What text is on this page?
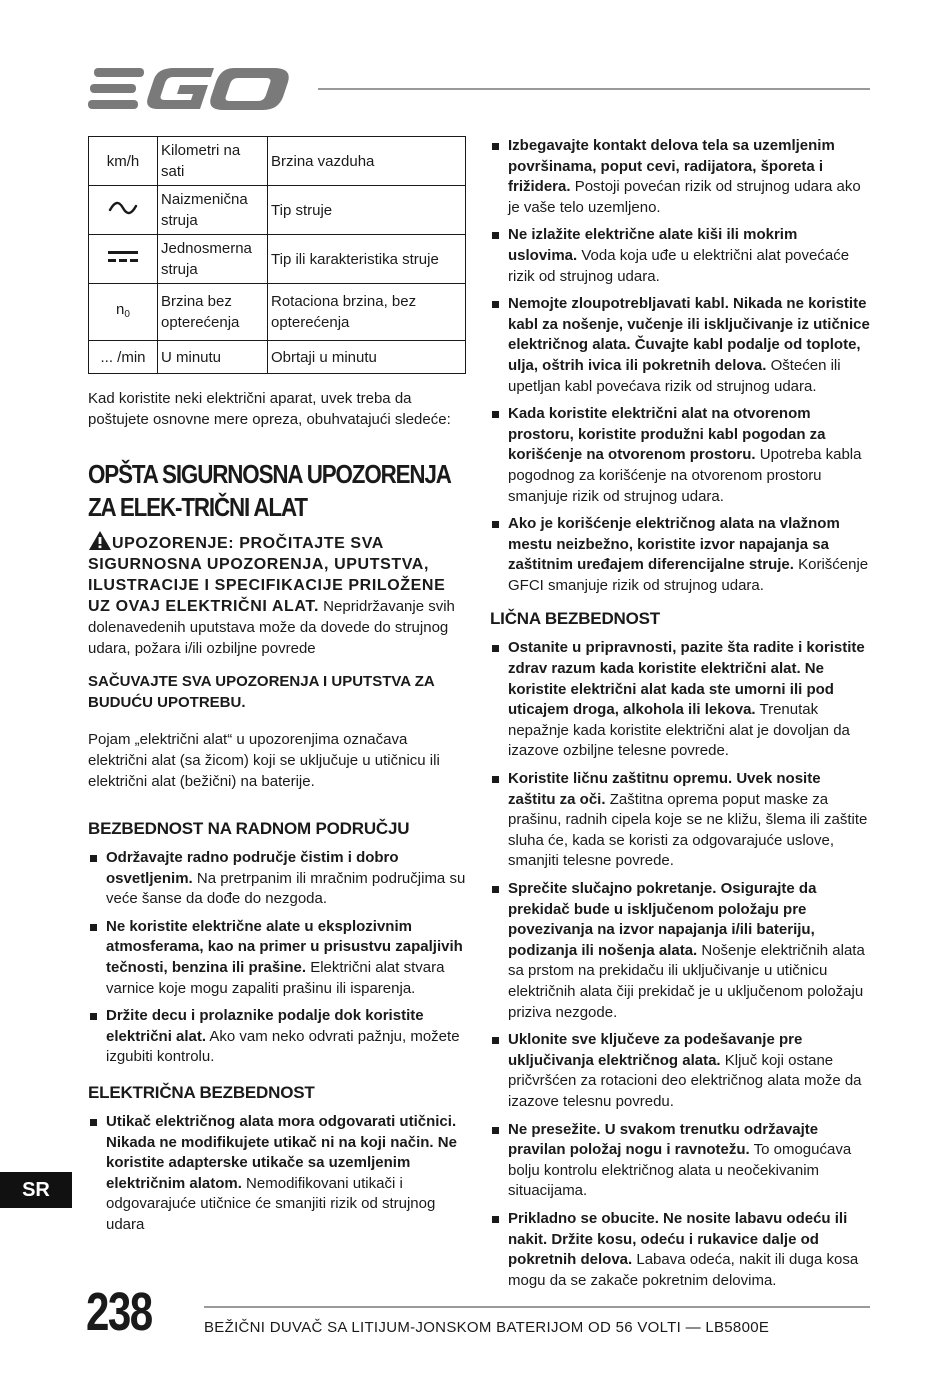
km/h	Kilometri na sati	Brzina vazduha
	Naizmenična struja	Tip struje
	Jednosmerna struja	Tip ili karakteristika struje
$n_0$	Brzina bez opterećenja	Rotaciona brzina, bez opterećenja
... /min	U minutu	Obrtaji u minutu

Kad koristite neki električni aparat, uvek treba da poštujete osnovne mere opreza, obuhvatajući sledeće:

OPŠTA SIGURNOSNA UPOZORENJA ZA ELEK-TRIČNI ALAT

UPOZORENJE: PROČITAJTE SVA SIGURNOSNA UPOZORENJA, UPUTSTVA, ILUSTRACIJE I SPECIFIKACIJE PRILOŽENE UZ OVAJ ELEKTRIČNI ALAT. Nepridržavanje svih dolenavedenih uputstava može da dovede do strujnog udara, požara i/ili ozbiljne povrede

SAČUVAJTE SVA UPOZORENJA I UPUTSTVA ZA BUDUĆU UPOTREBU.

Pojam „električni alat“ u upozorenjima označava električni alat (sa žicom) koji se uključuje u utičnicu ili električni alat (bežični) na baterije.

BEZBEDNOST NA RADNOM PODRUČJU
Održavajte radno područje čistim i dobro osvetljenim. Na pretrpanim ili mračnim područjima su veće šanse da dođe do nezgoda.
Ne koristite električne alate u eksplozivnim atmosferama, kao na primer u prisustvu zapaljivih tečnosti, benzina ili prašine. Električni alat stvara varnice koje mogu zapaliti prašinu ili isparenja.
Držite decu i prolaznike podalje dok koristite električni alat. Ako vam neko odvrati pažnju, možete izgubiti kontrolu.
ELEKTRIČNA BEZBEDNOST
Utikač električnog alata mora odgovarati utičnici. Nikada ne modifikujete utikač ni na koji način. Ne koristite adapterske utikače sa uzemljenim električnim alatom. Nemodifikovani utikači i odgovarajuće utičnice će smanjiti rizik od strujnog udara
Izbegavajte kontakt delova tela sa uzemljenim površinama, poput cevi, radijatora, šporeta i frižidera. Postoji povećan rizik od strujnog udara ako je vaše telo uzemljeno.
Ne izlažite električne alate kiši ili mokrim uslovima. Voda koja uđe u električni alat povećaće rizik od strujnog udara.
Nemojte zloupotrebljavati kabl. Nikada ne koristite kabl za nošenje, vučenje ili isključivanje iz utičnice električnog alata. Čuvajte kabl podalje od toplote, ulja, oštrih ivica ili pokretnih delova. Oštećen ili upetljan kabl povećava rizik od strujnog udara.
Kada koristite električni alat na otvorenom prostoru, koristite produžni kabl pogodan za korišćenje na otvorenom prostoru. Upotreba kabla pogodnog za korišćenje na otvorenom prostoru smanjuje rizik od strujnog udara.
Ako je korišćenje električnog alata na vlažnom mestu neizbežno, koristite izvor napajanja sa zaštitnim uređajem diferencijalne struje. Korišćenje GFCI smanjuje rizik od strujnog udara.
LIČNA BEZBEDNOST
Ostanite u pripravnosti, pazite šta radite i koristite zdrav razum kada koristite električni alat. Ne koristite električni alat kada ste umorni ili pod uticajem droga, alkohola ili lekova. Trenutak nepažnje kada koristite električni alat je dovoljan da izazove ozbiljne telesne povrede.
Koristite ličnu zaštitnu opremu. Uvek nosite zaštitu za oči. Zaštitna oprema poput maske za prašinu, radnih cipela koje se ne kližu, šlema ili zaštite sluha će, kada se koristi za odgovarajuće uslove, smanjiti telesne povrede.
Sprečite slučajno pokretanje. Osigurajte da prekidač bude u isključenom položaju pre povezivanja na izvor napajanja i/ili bateriju, podizanja ili nošenja alata. Nošenje električnih alata sa prstom na prekidaču ili uključivanje u utičnicu električnih alata čiji prekidač je u uključenom položaju priziva nezgode.
Uklonite sve ključeve za podešavanje pre uključivanja električnog alata. Ključ koji ostane pričvršćen za rotacioni deo električnog alata može da izazove telesnu povredu.
Ne presežite. U svakom trenutku održavajte pravilan položaj nogu i ravnotežu. To omogućava bolju kontrolu električnog alata u neočekivanim situacijama.
Prikladno se obucite. Ne nosite labavu odeću ili nakit. Držite kosu, odeću i rukavice dalje od pokretnih delova. Labava odeća, nakit ili duga kosa mogu da se zakače pokretnim delovima.
SR
238	BEŽIČNI DUVAČ SA LITIJUM-JONSKOM BATERIJOM OD 56 VOLTI — LB5800E
